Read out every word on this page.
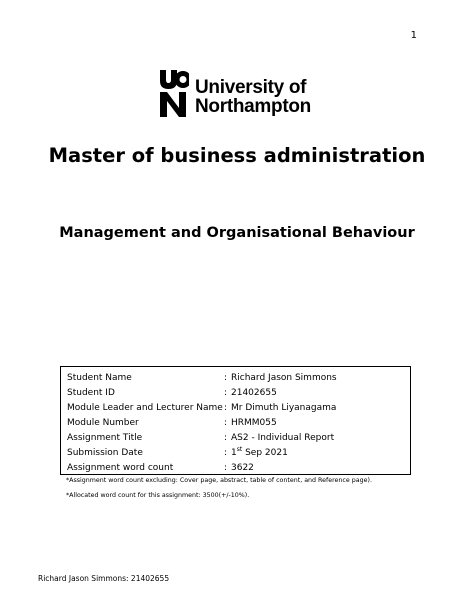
1
University of
Northampton
Master of business administration
Management and Organisational Behaviour
Student Name	: Richard Jason Simmons
Student ID	: 21402655
Module Leader and Lecturer Name : Mr Dimuth Liyanagama
Module Number	: HRMM055
Assignment Title	: AS2 - Individual Report
Submission Date	: 1st Sep 2021
Assignment word count	: 3622
*Assignment word count excluding: Cover page, abstract, table of content, and Reference page).
*Allocated word count for this assignment: 3500(+/-10%).
Richard Jason Simmons: 21402655
